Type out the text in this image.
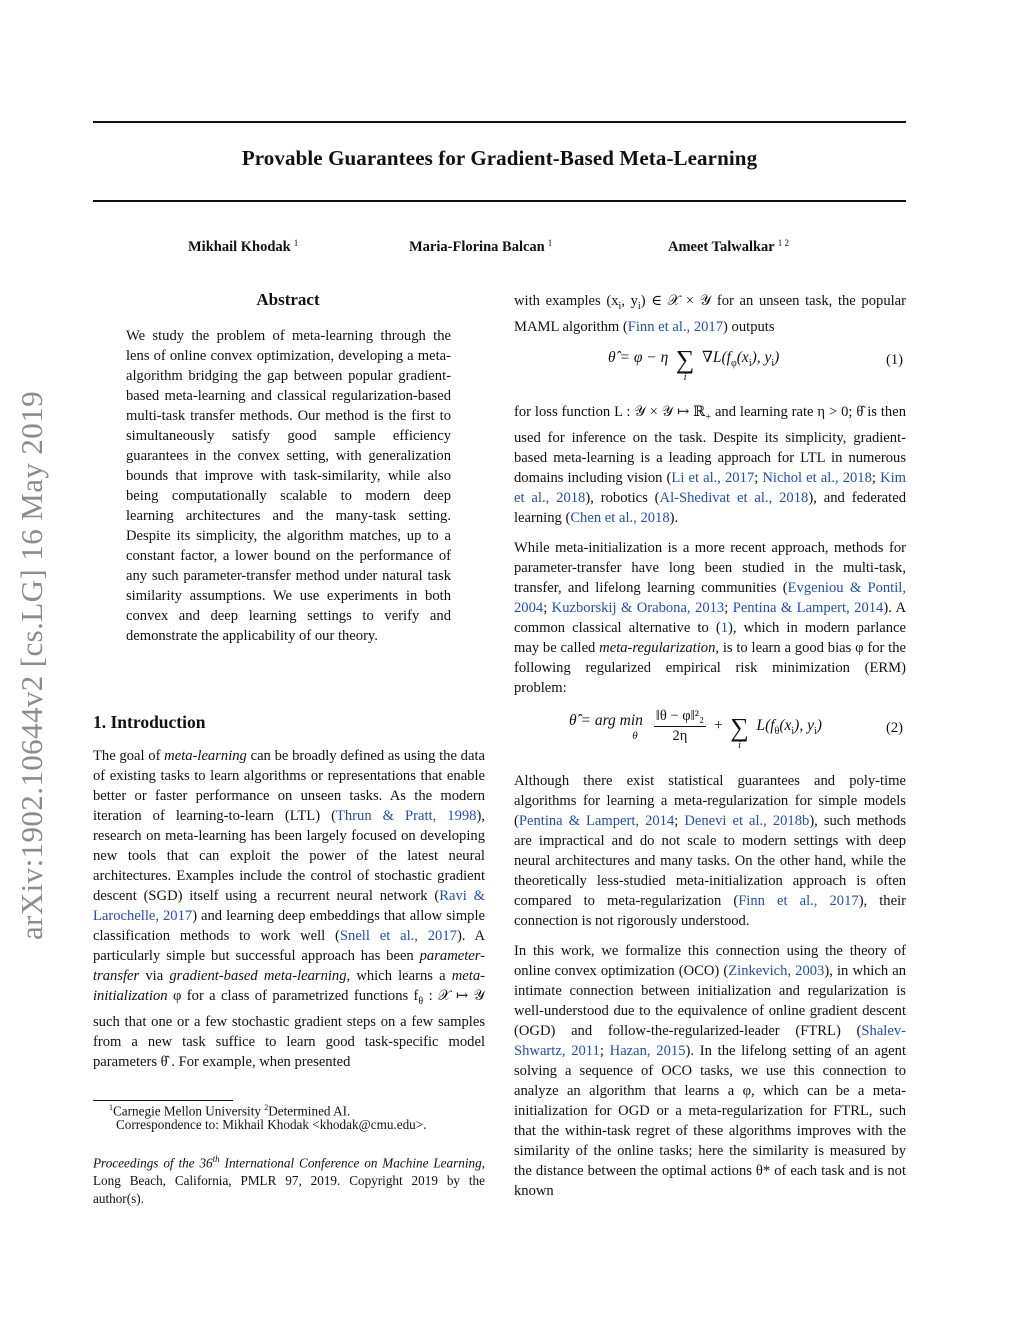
Provable Guarantees for Gradient-Based Meta-Learning
Mikhail Khodak $^1$	Maria-Florina Balcan $^1$	Ameet Talwalkar $^{1 2}$
arXiv:1902.10644v2 [cs.LG] 16 May 2019
Abstract

We study the problem of meta-learning through the lens of online convex optimization, developing a meta-algorithm bridging the gap between popular gradient-based meta-learning and classical regularization-based multi-task transfer methods. Our method is the first to simultaneously satisfy good sample efficiency guarantees in the convex setting, with generalization bounds that improve with task-similarity, while also being computationally scalable to modern deep learning architectures and the many-task setting. Despite its simplicity, the algorithm matches, up to a constant factor, a lower bound on the performance of any such parameter-transfer method under natural task similarity assumptions. We use experiments in both convex and deep learning settings to verify and demonstrate the applicability of our theory.

1. Introduction

The goal of meta-learning can be broadly defined as using the data of existing tasks to learn algorithms or representations that enable better or faster performance on unseen tasks. As the modern iteration of learning-to-learn (LTL) (Thrun & Pratt, 1998), research on meta-learning has been largely focused on developing new tools that can exploit the power of the latest neural architectures. Examples include the control of stochastic gradient descent (SGD) itself using a recurrent neural network (Ravi & Larochelle, 2017) and learning deep embeddings that allow simple classification methods to work well (Snell et al., 2017). A particularly simple but successful approach has been parameter-transfer via gradient-based meta-learning, which learns a meta-initialization φ for a class of parametrized functions $f_\theta$ : 𝒳 ↦ 𝒴 such that one or a few stochastic gradient steps on a few samples from a new task suffice to learn good task-specific model parameters θ̂ . For example, when presented

$^1$Carnegie Mellon University $^2$Determined AI.
Correspondence to: Mikhail Khodak <khodak@cmu.edu>.
Proceedings of the 36th International Conference on Machine Learning, Long Beach, California, PMLR 97, 2019. Copyright 2019 by the author(s).

with examples ($x_i$, $y_i$) ∈ 𝒳 × 𝒴 for an unseen task, the popular MAML algorithm (Finn et al., 2017) outputs

θ̂ = φ − η ∑
i
$\nabla L(f_\varphi(x_i)$, $y_i$)	(1)

for loss function L : 𝒴 × 𝒴 ↦ ℝ$_+$ and learning rate η > 0; θ̂ is then used for inference on the task. Despite its simplicity, gradient-based meta-learning is a leading approach for LTL in numerous domains including vision (Li et al., 2017; Nichol et al., 2018; Kim et al., 2018), robotics (Al-Shedivat et al., 2018), and federated learning (Chen et al., 2018).

While meta-initialization is a more recent approach, methods for parameter-transfer have long been studied in the multi-task, transfer, and lifelong learning communities (Evgeniou & Pontil, 2004; Kuzborskij & Orabona, 2013; Pentina & Lampert, 2014). A common classical alternative to (1), which in modern parlance may be called meta-regularization, is to learn a good bias φ for the following regularized empirical risk minimization (ERM) problem:

θ̂ = arg min
θ
	$\frac{\text{‖θ − φ‖²₂}}{2\eta}$ + ∑
i
$L(f_\theta(x_i)$, $y_i$)	(2)

Although there exist statistical guarantees and poly-time algorithms for learning a meta-regularization for simple models (Pentina & Lampert, 2014; Denevi et al., 2018b), such methods are impractical and do not scale to modern settings with deep neural architectures and many tasks. On the other hand, while the theoretically less-studied meta-initialization approach is often compared to meta-regularization (Finn et al., 2017), their connection is not rigorously understood.

In this work, we formalize this connection using the theory of online convex optimization (OCO) (Zinkevich, 2003), in which an intimate connection between initialization and regularization is well-understood due to the equivalence of online gradient descent (OGD) and follow-the-regularized-leader (FTRL) (Shalev-Shwartz, 2011; Hazan, 2015). In the lifelong setting of an agent solving a sequence of OCO tasks, we use this connection to analyze an algorithm that learns a φ, which can be a meta-initialization for OGD or a meta-regularization for FTRL, such that the within-task regret of these algorithms improves with the similarity of the online tasks; here the similarity is measured by the distance between the optimal actions θ* of each task and is not known
